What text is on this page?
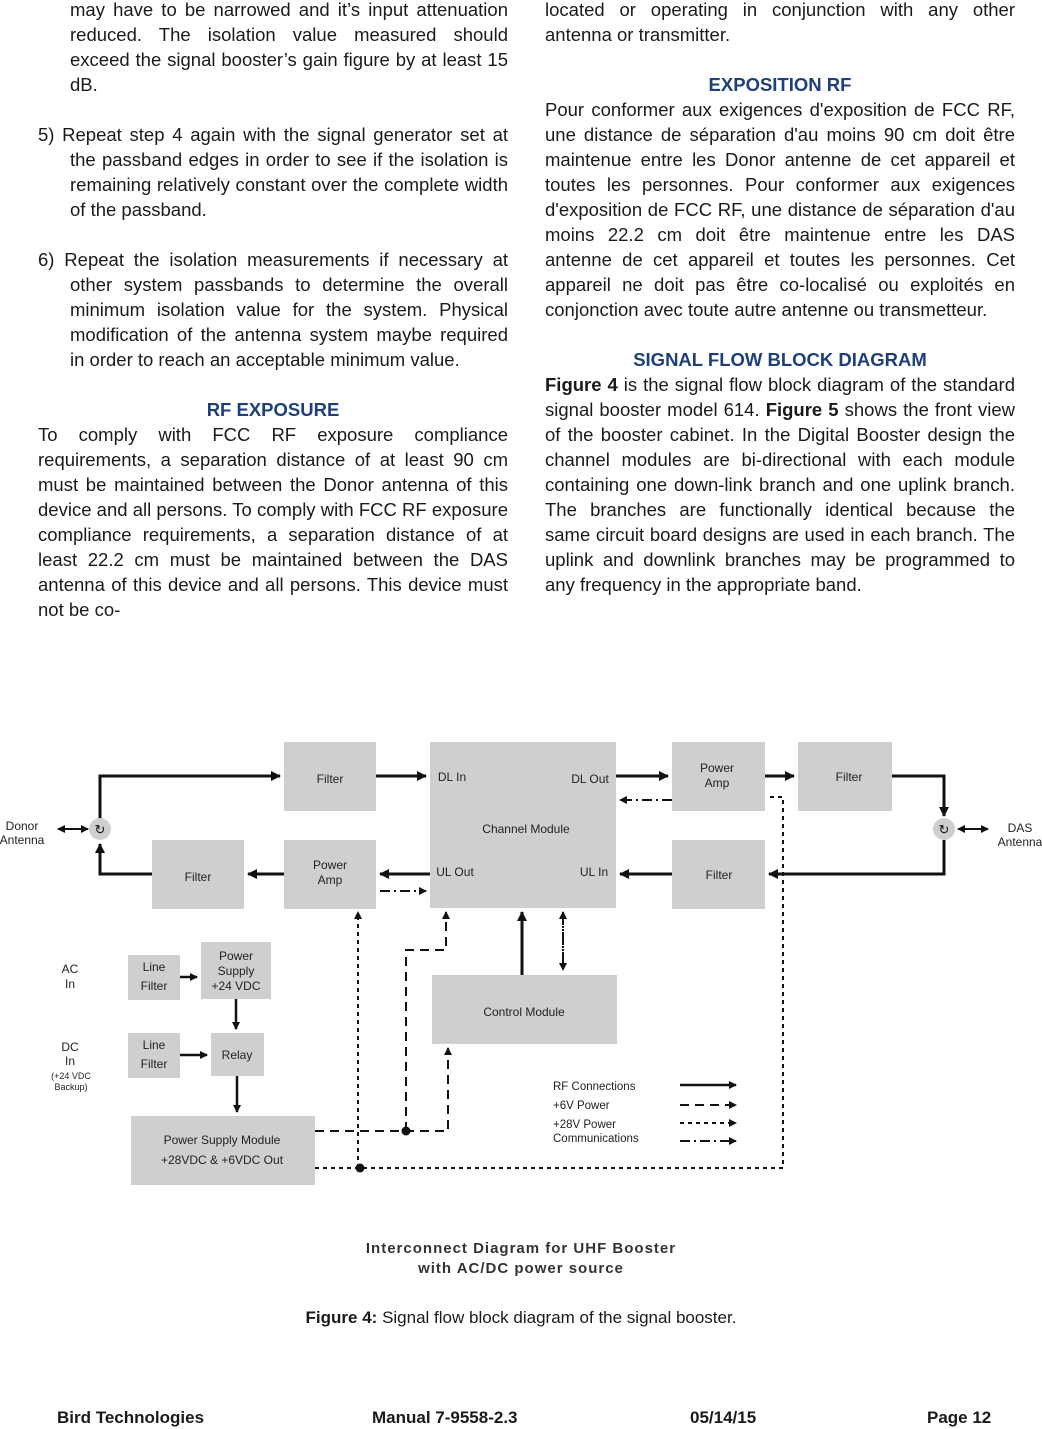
may have to be narrowed and it’s input attenuation reduced. The isolation value measured should exceed the signal booster’s gain figure by at least 15 dB.

5) Repeat step 4 again with the signal generator set at the passband edges in order to see if the isolation is remaining relatively constant over the complete width of the passband.

6) Repeat the isolation measurements if necessary at other system passbands to determine the overall minimum isolation value for the system. Physical modification of the antenna system maybe required in order to reach an acceptable minimum value.

RF EXPOSURE

To comply with FCC RF exposure compliance requirements, a separation distance of at least 90 cm must be maintained between the Donor antenna of this device and all persons. To comply with FCC RF exposure compliance requirements, a separation distance of at least 22.2 cm must be maintained between the DAS antenna of this device and all persons. This device must not be co-

located or operating in conjunction with any other antenna or transmitter.

EXPOSITION RF

Pour conformer aux exigences d'exposition de FCC RF, une distance de séparation d'au moins 90 cm doit être maintenue entre les Donor antenne de cet appareil et toutes les personnes. Pour conformer aux exigences d'exposition de FCC RF, une distance de séparation d'au moins 22.2 cm doit être maintenue entre les DAS antenne de cet appareil et toutes les personnes. Cet appareil ne doit pas être co-localisé ou exploités en conjonction avec toute autre antenne ou transmetteur.

SIGNAL FLOW BLOCK DIAGRAM

Figure 4 is the signal flow block diagram of the standard signal booster model 614. Figure 5 shows the front view of the booster cabinet. In the Digital Booster design the channel modules are bi-directional with each module containing one down-link branch and one uplink branch. The branches are functionally identical because the same circuit board designs are used in each branch. The uplink and downlink branches may be programmed to any frequency in the appropriate band.

↻	↻
Filter
Filter
Power
Amp
Power
Amp
Filter
Filter
Channel Module
DL In	DL Out
UL Out	UL In
Donor
Antenna
DAS
Antenna
AC
In
DC
In
(+24 VDC
Backup)
Line
Filter
Line
Filter
Power
Supply
+24 VDC
Relay
Control Module
Power Supply Module
+28VDC & +6VDC Out
RF Connections
+6V Power
+28V Power
Communications
Interconnect Diagram for UHF Booster
with AC/DC power source
Figure 4: Signal flow block diagram of the signal booster.
Bird Technologies	Manual 7-9558-2.3	05/14/15	Page 12
